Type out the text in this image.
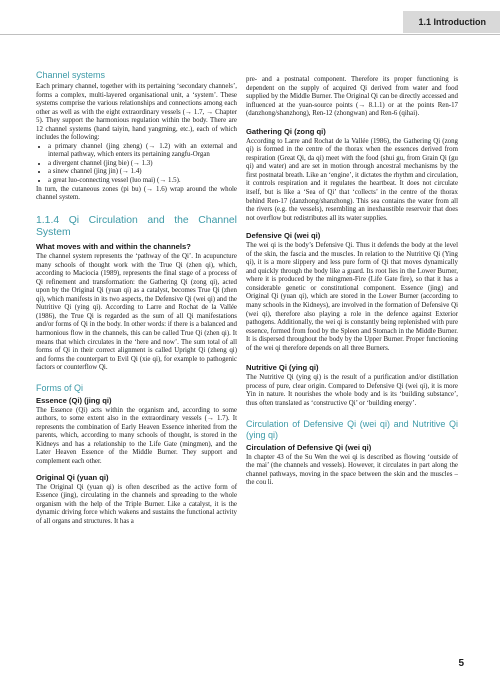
1.1 Introduction
Channel systems

Each primary channel, together with its pertaining ‘secondary channels’, forms a complex, multi-layered organisational unit, a ‘system’. These systems comprise the various relationships and connections among each other as well as with the eight extraordinary vessels (→ 1.7, → Chapter 5). They support the harmonious regulation within the body. There are 12 channel systems (hand taiyin, hand yangming, etc.), each of which includes the following:

• a primary channel (jing zheng) (→ 1.2) with an external and internal pathway, which enters its pertaining zangfu-Organ
• a divergent channel (jing bie) (→ 1.3)
• a sinew channel (jing jin) (→ 1.4)
• a great luo-connecting vessel (luo mai) (→ 1.5).

In turn, the cutaneous zones (pi bu) (→ 1.6) wrap around the whole channel system.

1.1.4 Qi Circulation and the Channel System
What moves with and within the channels?

The channel system represents the ‘pathway of the Qi’. In acupuncture many schools of thought work with the True Qi (zhen qi), which, according to Maciocia (1989), represents the final stage of a process of Qi refinement and transformation: the Gathering Qi (zong qi), acted upon by the Original Qi (yuan qi) as a catalyst, becomes True Qi (zhen qi), which manifests in its two aspects, the Defensive Qi (wei qi) and the Nutritive Qi (ying qi). According to Larre and Rochat de la Vallée (1986), the True Qi is regarded as the sum of all Qi manifestations and/or forms of Qi in the body. In other words: if there is a balanced and harmonious flow in the channels, this can be called True Qi (zhen qi). It means that which circulates in the ‘here and now’. The sum total of all forms of Qi in their correct alignment is called Upright Qi (zheng qi) and forms the counterpart to Evil Qi (xie qi), for example to pathogenic factors or counterflow Qi.

Forms of Qi
Essence (Qi) (jing qi)

The Essence (Qi) acts within the organism and, according to some authors, to some extent also in the extraordinary vessels (→ 1.7). It represents the combination of Early Heaven Essence inherited from the parents, which, according to many schools of thought, is stored in the Kidneys and has a relationship to the Life Gate (mingmen), and the Later Heaven Essence of the Middle Burner. They support and complement each other.

Original Qi (yuan qi)

The Original Qi (yuan qi) is often described as the active form of Essence (jing), circulating in the channels and spreading to the whole organism with the help of the Triple Burner. Like a catalyst, it is the dynamic driving force which wakens and sustains the functional activity of all organs and structures. It has a

pre- and a postnatal component. Therefore its proper functioning is dependent on the supply of acquired Qi derived from water and food supplied by the Middle Burner. The Original Qi can be directly accessed and influenced at the yuan-source points (→ 8.1.1) or at the points Ren-17 (danzhong/shanzhong), Ren-12 (zhongwan) and Ren-6 (qihai).

Gathering Qi (zong qi)

According to Larre and Rochat de la Vallée (1986), the Gathering Qi (zong qi) is formed in the centre of the thorax when the essences derived from respiration (Great Qi, da qi) meet with the food (shui gu, from Grain Qi (gu qi) and water) and are set in motion through ancestral mechanisms by the first postnatal breath. Like an ‘engine’, it dictates the rhythm and circulation, it controls respiration and it regulates the heartbeat. It does not circulate itself, but is like a ‘Sea of Qi’ that ‘collects’ in the centre of the thorax behind Ren-17 (danzhong/shanzhong). This sea contains the water from all the rivers (e.g. the vessels), resembling an inexhaustible reservoir that does not overflow but redistributes all its water supplies.

Defensive Qi (wei qi)

The wei qi is the body’s Defensive Qi. Thus it defends the body at the level of the skin, the fascia and the muscles. In relation to the Nutritive Qi (Ying qi), it is a more slippery and less pure form of Qi that moves dynamically and quickly through the body like a guard. Its root lies in the Lower Burner, where it is produced by the mingmen-Fire (Life Gate fire), so that it has a considerable genetic or constitutional component. Essence (jing) and Original Qi (yuan qi), which are stored in the Lower Burner (according to many schools in the Kidneys), are involved in the formation of Defensive Qi (wei qi), therefore also playing a role in the defence against Exterior pathogens. Additionally, the wei qi is constantly being replenished with pure essence, formed from food by the Spleen and Stomach in the Middle Burner. It is dispersed throughout the body by the Upper Burner. Proper functioning of the wei qi therefore depends on all three Burners.

Nutritive Qi (ying qi)

The Nutritive Qi (ying qi) is the result of a purification and/or distillation process of pure, clear origin. Compared to Defensive Qi (wei qi), it is more Yin in nature. It nourishes the whole body and is its ‘building substance’, thus often translated as ‘constructive Qi’ or ‘building energy’.

Circulation of Defensive Qi (wei qi) and Nutritive Qi (ying qi)
Circulation of Defensive Qi (wei qi)

In chapter 43 of the Su Wen the wei qi is described as flowing ‘outside of the mai’ (the channels and vessels). However, it circulates in part along the channel pathways, moving in the space between the skin and the muscles – the cou li.

5
